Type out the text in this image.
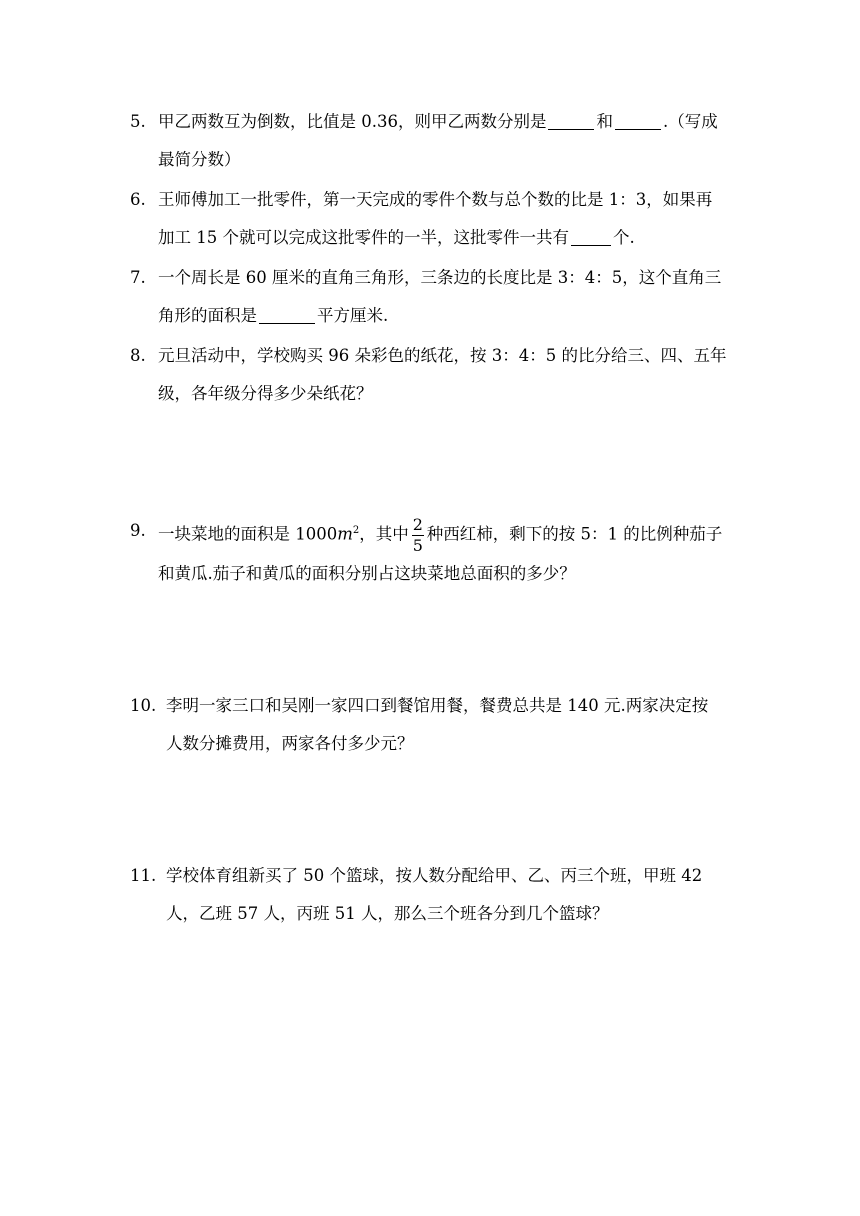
5. 甲乙两数互为倒数，比值是 0.36，则甲乙两数分别是	和	.（写成
最简分数）
6. 王师傅加工一批零件，第一天完成的零件个数与总个数的比是 1：3，如果再
加工 15 个就可以完成这批零件的一半，这批零件一共有	个.
7. 一个周长是 60 厘米的直角三角形，三条边的长度比是 3：4：5，这个直角三
角形的面积是	平方厘米.
8. 元旦活动中，学校购买 96 朵彩色的纸花，按 3：4：5 的比分给三、四、五年
级，各年级分得多少朵纸花？
9. 一块菜地的面积是 $1000m^2$，其中 $\frac{2}{5}$ 种西红柿，剩下的按 5：1 的比例种茄子
和黄瓜.茄子和黄瓜的面积分别占这块菜地总面积的多少？
10. 李明一家三口和吴刚一家四口到餐馆用餐，餐费总共是 140 元.两家决定按
人数分摊费用，两家各付多少元？
11. 学校体育组新买了 50 个篮球，按人数分配给甲、乙、丙三个班，甲班 42
人，乙班 57 人，丙班 51 人，那么三个班各分到几个篮球？
